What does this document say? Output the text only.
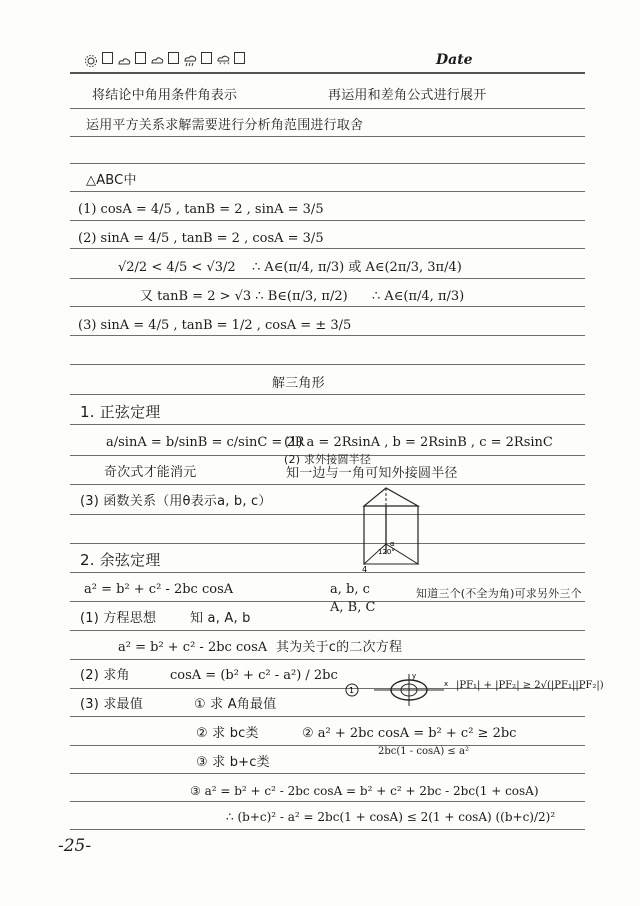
* * *	Date
将结论中角用条件角表示	再运用和差角公式进行展开
运用平方关系求解需要进行分析角范围进行取舍
△ABC中
(1) cosA = 4/5 , tanB = 2 , sinA = 3/5
(2) sinA = 4/5 , tanB = 2 , cosA = 3/5
√2/2 < 4/5 < √3/2 ∴ A∈(π/4, π/3) 或 A∈(2π/3, 3π/4)
又 tanB = 2 > √3 ∴ B∈(π/3, π/2) ∴ A∈(π/4, π/3)
(3) sinA = 4/5 , tanB = 1/2 , cosA = ± 3/5
解三角形
1. 正弦定理
a/sinA = b/sinB = c/sinC = 2R
(1) a = 2RsinA , b = 2RsinB , c = 2RsinC
(2) 求外接圆半径
奇次式才能消元	知一边与一角可知外接圆半径
(3) 函数关系（用θ表示a, b, c）
120°
α
4
2. 余弦定理
a² = b² + c² - 2bc cosA	a, b, c
A, B, C
知道三个(不全为角)可求另外三个
(1) 方程思想	知 a, A, b
a² = b² + c² - 2bc cosA 其为关于c的二次方程
(2) 求角	cosA = (b² + c² - a²) / 2bc
1
x
y
|PF₁| + |PF₂| ≥ 2√(|PF₁||PF₂|)
(3) 求最值	① 求 A角最值
② 求 bc类	② a² + 2bc cosA = b² + c² ≥ 2bc
2bc(1 - cosA) ≤ a²
③ 求 b+c类
③ a² = b² + c² - 2bc cosA = b² + c² + 2bc - 2bc(1 + cosA)
∴ (b+c)² - a² = 2bc(1 + cosA) ≤ 2(1 + cosA) ((b+c)/2)²
-25-
